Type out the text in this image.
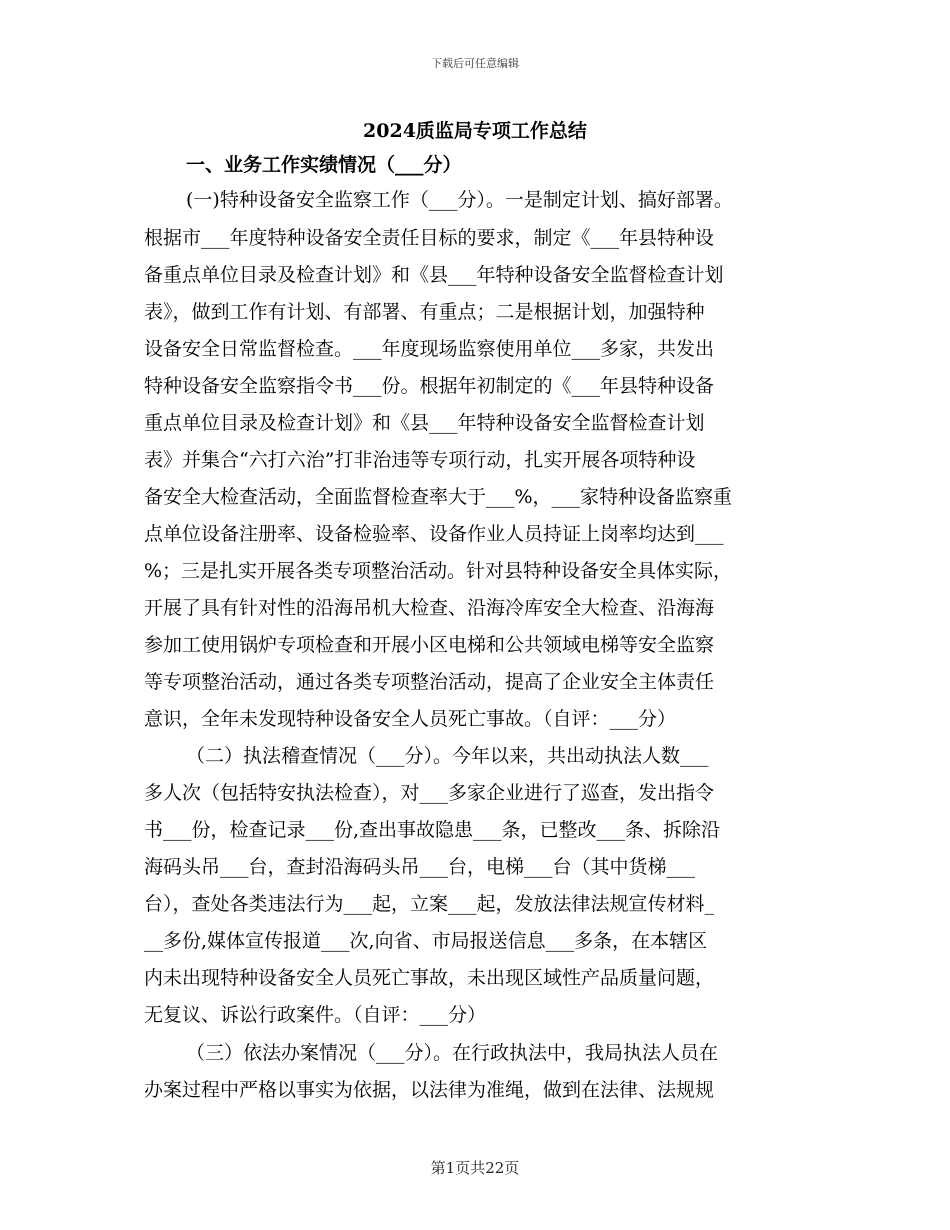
下载后可任意编辑
2024质监局专项工作总结
一、业务工作实绩情况（___分）
(一)特种设备安全监察工作（___分）。一是制定计划、搞好部署。
根据市___年度特种设备安全责任目标的要求，制定《___年县特种设
备重点单位目录及检查计划》和《县___年特种设备安全监督检查计划
表》，做到工作有计划、有部署、有重点；二是根据计划，加强特种
设备安全日常监督检查。___年度现场监察使用单位___多家，共发出
特种设备安全监察指令书___份。根据年初制定的《___年县特种设备
重点单位目录及检查计划》和《县___年特种设备安全监督检查计划
表》并集合“六打六治”打非治违等专项行动，扎实开展各项特种设
备安全大检查活动，全面监督检查率大于___%，___家特种设备监察重
点单位设备注册率、设备检验率、设备作业人员持证上岗率均达到___
%；三是扎实开展各类专项整治活动。针对县特种设备安全具体实际，
开展了具有针对性的沿海吊机大检查、沿海冷库安全大检查、沿海海
参加工使用锅炉专项检查和开展小区电梯和公共领域电梯等安全监察
等专项整治活动，通过各类专项整治活动，提高了企业安全主体责任
意识，全年未发现特种设备安全人员死亡事故。（自评：___分）
（二）执法稽查情况（___分）。今年以来，共出动执法人数___
多人次（包括特安执法检查），对___多家企业进行了巡查，发出指令
书___份，检查记录___份,查出事故隐患___条，已整改___条、拆除沿
海码头吊___台，查封沿海码头吊___台，电梯___台（其中货梯___
台），查处各类违法行为___起，立案___起，发放法律法规宣传材料_
__多份,媒体宣传报道___次,向省、市局报送信息___多条，在本辖区
内未出现特种设备安全人员死亡事故，未出现区域性产品质量问题，
无复议、诉讼行政案件。（自评：___分）
（三）依法办案情况（___分）。在行政执法中，我局执法人员在
办案过程中严格以事实为依据，以法律为准绳，做到在法律、法规规
第1页共22页
